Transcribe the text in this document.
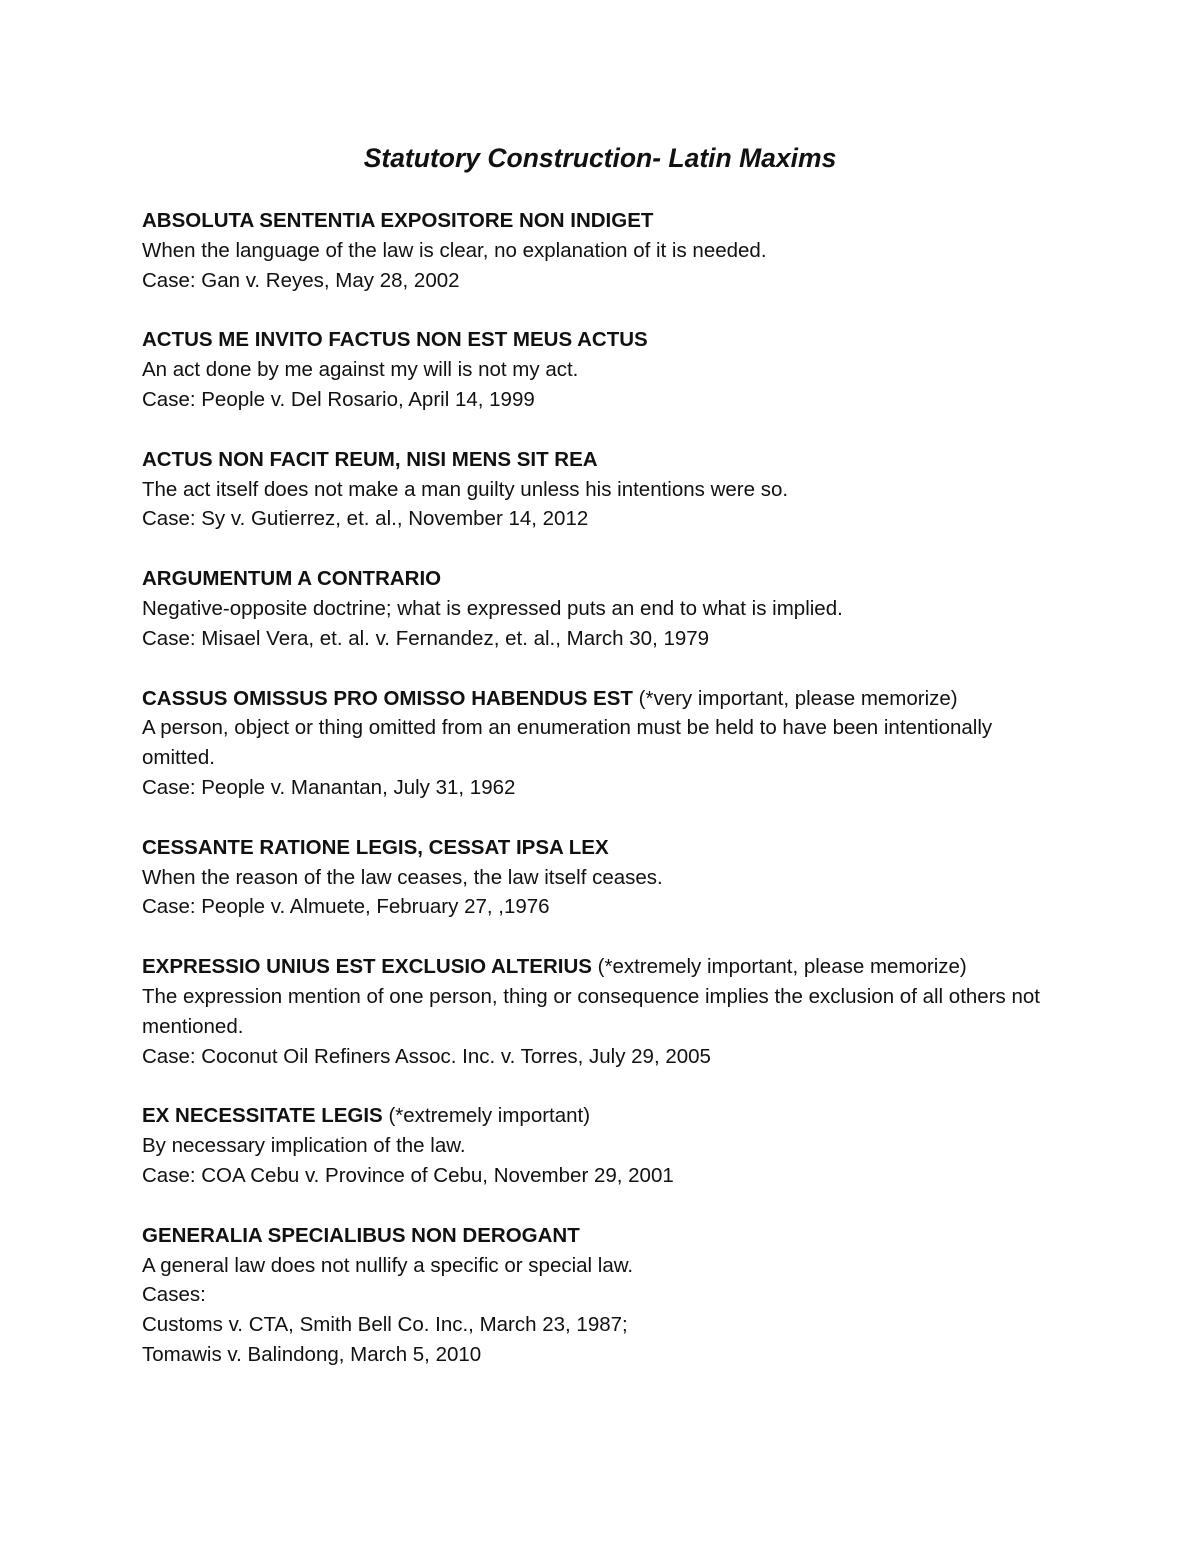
Statutory Construction- Latin Maxims
ABSOLUTA SENTENTIA EXPOSITORE NON INDIGET
When the language of the law is clear, no explanation of it is needed.
Case: Gan v. Reyes, May 28, 2002
ACTUS ME INVITO FACTUS NON EST MEUS ACTUS
An act done by me against my will is not my act.
Case: People v. Del Rosario, April 14, 1999
ACTUS NON FACIT REUM, NISI MENS SIT REA
The act itself does not make a man guilty unless his intentions were so.
Case: Sy v. Gutierrez, et. al., November 14, 2012
ARGUMENTUM A CONTRARIO
Negative-opposite doctrine; what is expressed puts an end to what is implied.
Case: Misael Vera, et. al. v. Fernandez, et. al., March 30, 1979
CASSUS OMISSUS PRO OMISSO HABENDUS EST (*very important, please memorize)
A person, object or thing omitted from an enumeration must be held to have been intentionally omitted.
Case: People v. Manantan, July 31, 1962
CESSANTE RATIONE LEGIS, CESSAT IPSA LEX
When the reason of the law ceases, the law itself ceases.
Case: People v. Almuete, February 27, ,1976
EXPRESSIO UNIUS EST EXCLUSIO ALTERIUS (*extremely important, please memorize)
The expression mention of one person, thing or consequence implies the exclusion of all others not mentioned.
Case: Coconut Oil Refiners Assoc. Inc. v. Torres, July 29, 2005
EX NECESSITATE LEGIS (*extremely important)
By necessary implication of the law.
Case: COA Cebu v. Province of Cebu, November 29, 2001
GENERALIA SPECIALIBUS NON DEROGANT
A general law does not nullify a specific or special law.
Cases:
Customs v. CTA, Smith Bell Co. Inc., March 23, 1987;
Tomawis v. Balindong, March 5, 2010
